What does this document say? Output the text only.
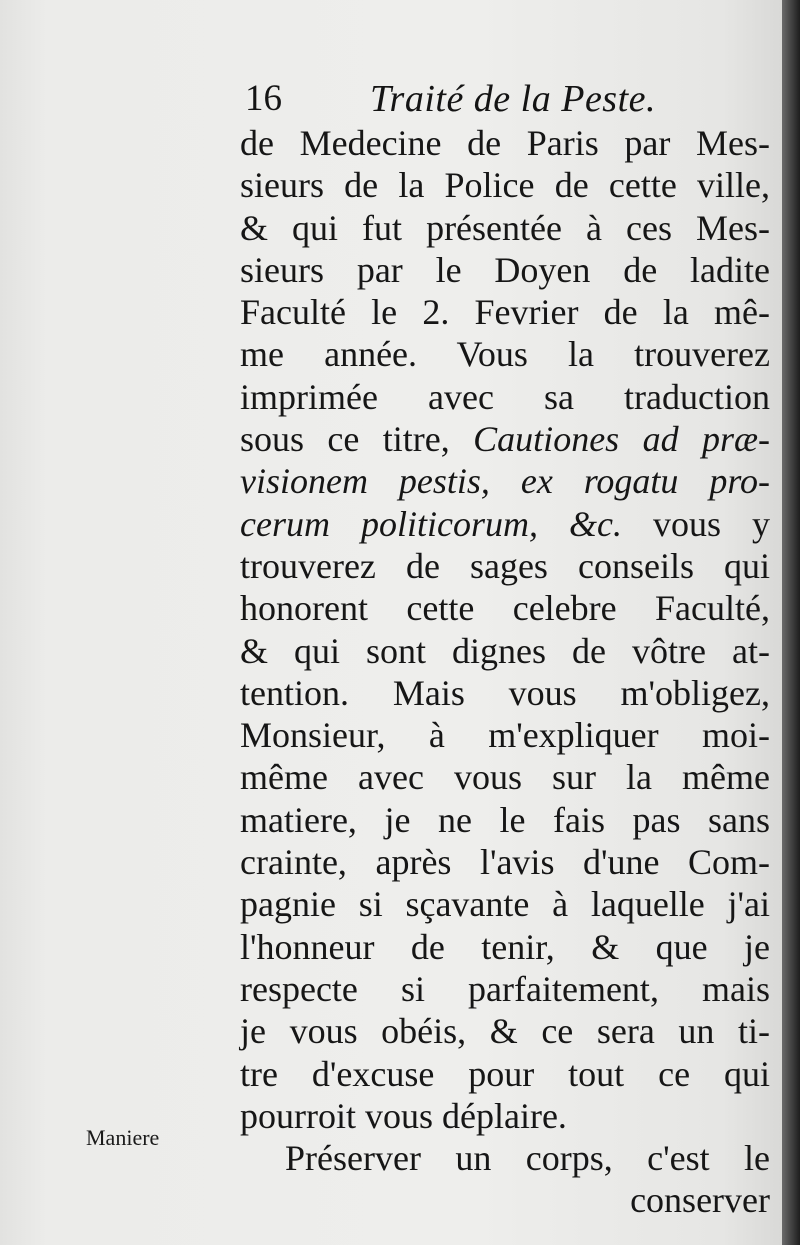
16 Traité de la Peste.
de Medecine de Paris par Mes-
sieurs de la Police de cette ville,
& qui fut présentée à ces Mes-
sieurs par le Doyen de ladite
Faculté le 2. Fevrier de la mê-
me année. Vous la trouverez
imprimée avec sa traduction
sous ce titre, Cautiones ad præ-
visionem pestis, ex rogatu pro-
cerum politicorum, &c. vous y
trouverez de sages conseils qui
honorent cette celebre Faculté,
& qui sont dignes de vôtre at-
tention. Mais vous m'obligez,
Monsieur, à m'expliquer moi-
même avec vous sur la même
matiere, je ne le fais pas sans
crainte, après l'avis d'une Com-
pagnie si sçavante à laquelle j'ai
l'honneur de tenir, & que je
respecte si parfaitement, mais
je vous obéis, & ce sera un ti-
tre d'excuse pour tout ce qui
pourroit vous déplaire.
Préserver un corps, c'est le
conserver
Maniere
